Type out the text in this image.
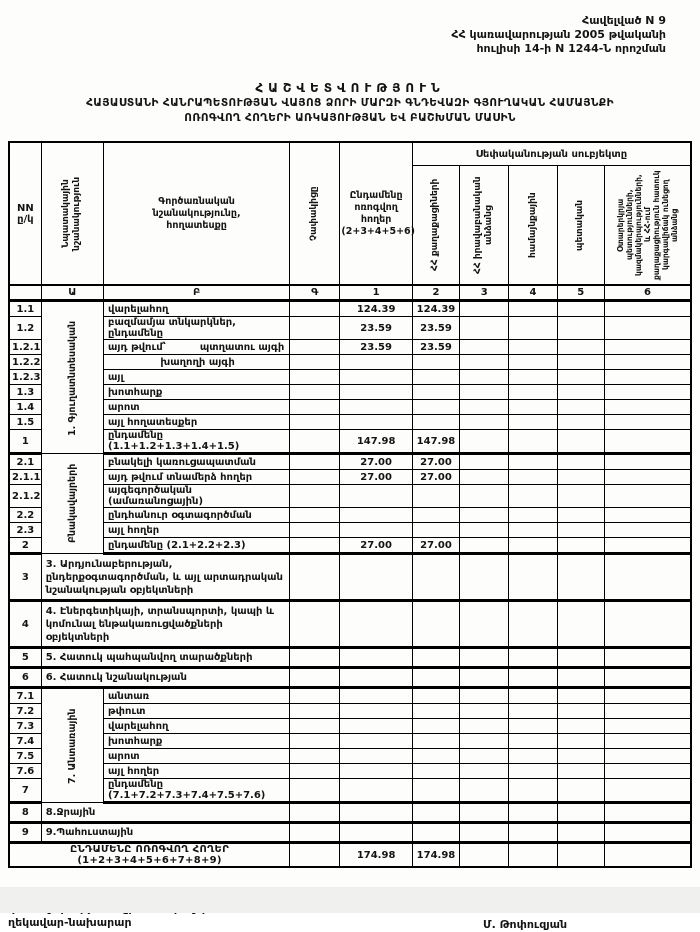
Հավելված N 9
ՀՀ կառավարության 2005 թվականի
հուլիսի 14-ի N 1244-Ն որոշման
ՀԱՇՎԵՏՎՈՒԹՅՈՒՆ
ՀԱՅԱՍՏԱՆԻ ՀԱՆՐԱՊԵՏՈՒԹՅԱՆ ՎԱՅՈՑ ՁՈՐԻ ՄԱՐԶԻ ԳՆԴԵՎԱԶԻ ԳՅՈՒՂԱԿԱՆ ՀԱՄԱՅՆՔԻ
ՈՌՈԳՎՈՂ ՀՈՂԵՐԻ ԱՌԿԱՅՈՒԹՅԱՆ ԵՎ ԲԱՇԽՄԱՆ ՄԱՍԻՆ
NN ը/կ	Նպատակային նշանակություն	Գործառնական նշանակությունը, հողատեսքը	Չափակիցը	Ընդամենը ոռոգվող հողեր (2+3+4+5+6)	Սեփականության սուբյեկտը				

					ՀՀ քաղաքացիների	ՀՀ իրավաբանական անձանց	համայնքային	պետական	Օտարերկրյա պետությունների, կազմակերպությունների, և ՀՀ-ում քաղաքացիություն հատուկ կարգավիճակ ունեցող անձանց

	Ա	Բ	Գ	1	2	3	4	5	6
1.1	1. Գյուղատնտեսական	վարելահող		124.39	124.39				
1.2		բազմամյա տնկարկներ, ընդամենը		23.59	23.59				
1.2.1		այդ թվում՝ պտղատու այգի		23.59	23.59				
1.2.2		խաղողի այգի							
1.2.3		այլ							
1.3		խոտհարք							
1.4		արոտ							
1.5		այլ հողատեսքեր							
1		ընդամենը (1.1+1.2+1.3+1.4+1.5)		147.98	147.98				
2.1	Բնակավայրերի	բնակելի կառուցապատման		27.00	27.00				
2.1.1		այդ թվում տնամերձ հողեր		27.00	27.00				
2.1.2		այգեգործական (ամառանոցային)							
2.2		ընդհանուր օգտագործման							
2.3		այլ հողեր							
2		ընդամենը (2.1+2.2+2.3)		27.00	27.00				
3	3. Արդյունաբերության, ընդերքօգտագործման, և այլ արտադրական նշանակության օբյեկտների								
4	4. Էներգետիկայի, տրանսպորտի, կապի և կոմունալ ենթակառուցվածքների օբյեկտների								
5	5. Հատուկ պահպանվող տարածքների								
6	6. Հատուկ նշանակության								
7.1	7. Անտառային	անտառ							
7.2		թփուտ							
7.3		վարելահող							
7.4		խոտհարք							
7.5		արոտ							
7.6		այլ հողեր							
7		ընդամենը (7.1+7.2+7.3+7.4+7.5+7.6)							
8	8.Ջրային								
9	9.Պահուստային								
ԸՆԴԱՄԵՆԸ ՈՌՈԳՎՈՂ ՀՈՂԵՐ (1+2+3+4+5+6+7+8+9)				174.98	174.98				
ղեկավար-նախարար	Մ. Թոփուզյան
